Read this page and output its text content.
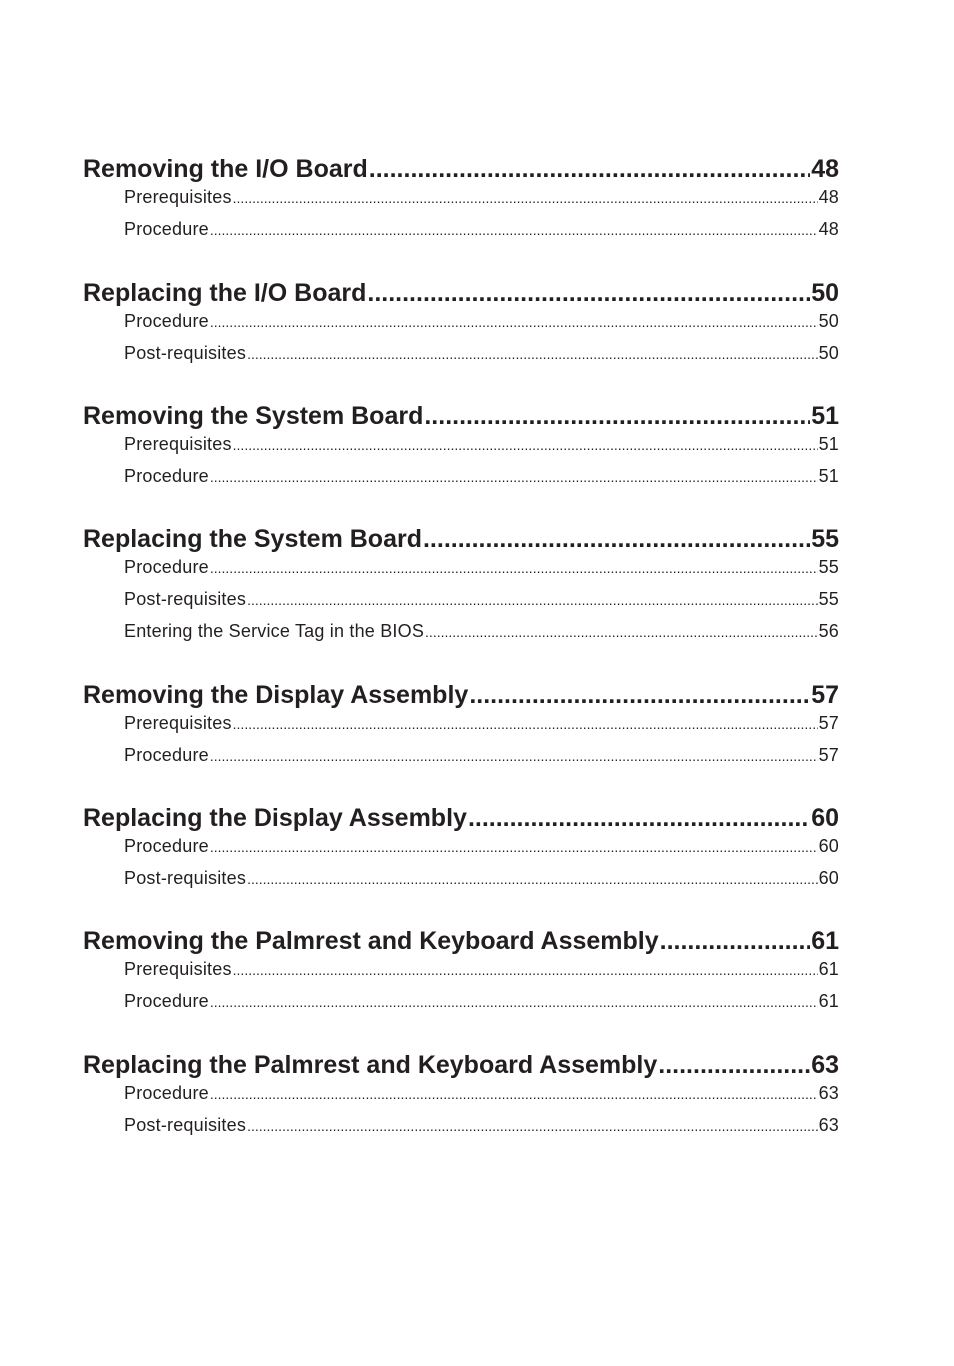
Removing the I/O Board .....	48
Prerequisites .....	48
Procedure .....	48
Replacing the I/O Board .....	50
Procedure .....	50
Post-requisites .....	50
Removing the System Board .....	51
Prerequisites .....	51
Procedure .....	51
Replacing the System Board .....	55
Procedure .....	55
Post-requisites .....	55
Entering the Service Tag in the BIOS .....	56
Removing the Display Assembly .....	57
Prerequisites .....	57
Procedure .....	57
Replacing the Display Assembly .....	60
Procedure .....	60
Post-requisites .....	60
Removing the Palmrest and Keyboard Assembly .....	61
Prerequisites .....	61
Procedure .....	61
Replacing the Palmrest and Keyboard Assembly .....	63
Procedure .....	63
Post-requisites .....	63
